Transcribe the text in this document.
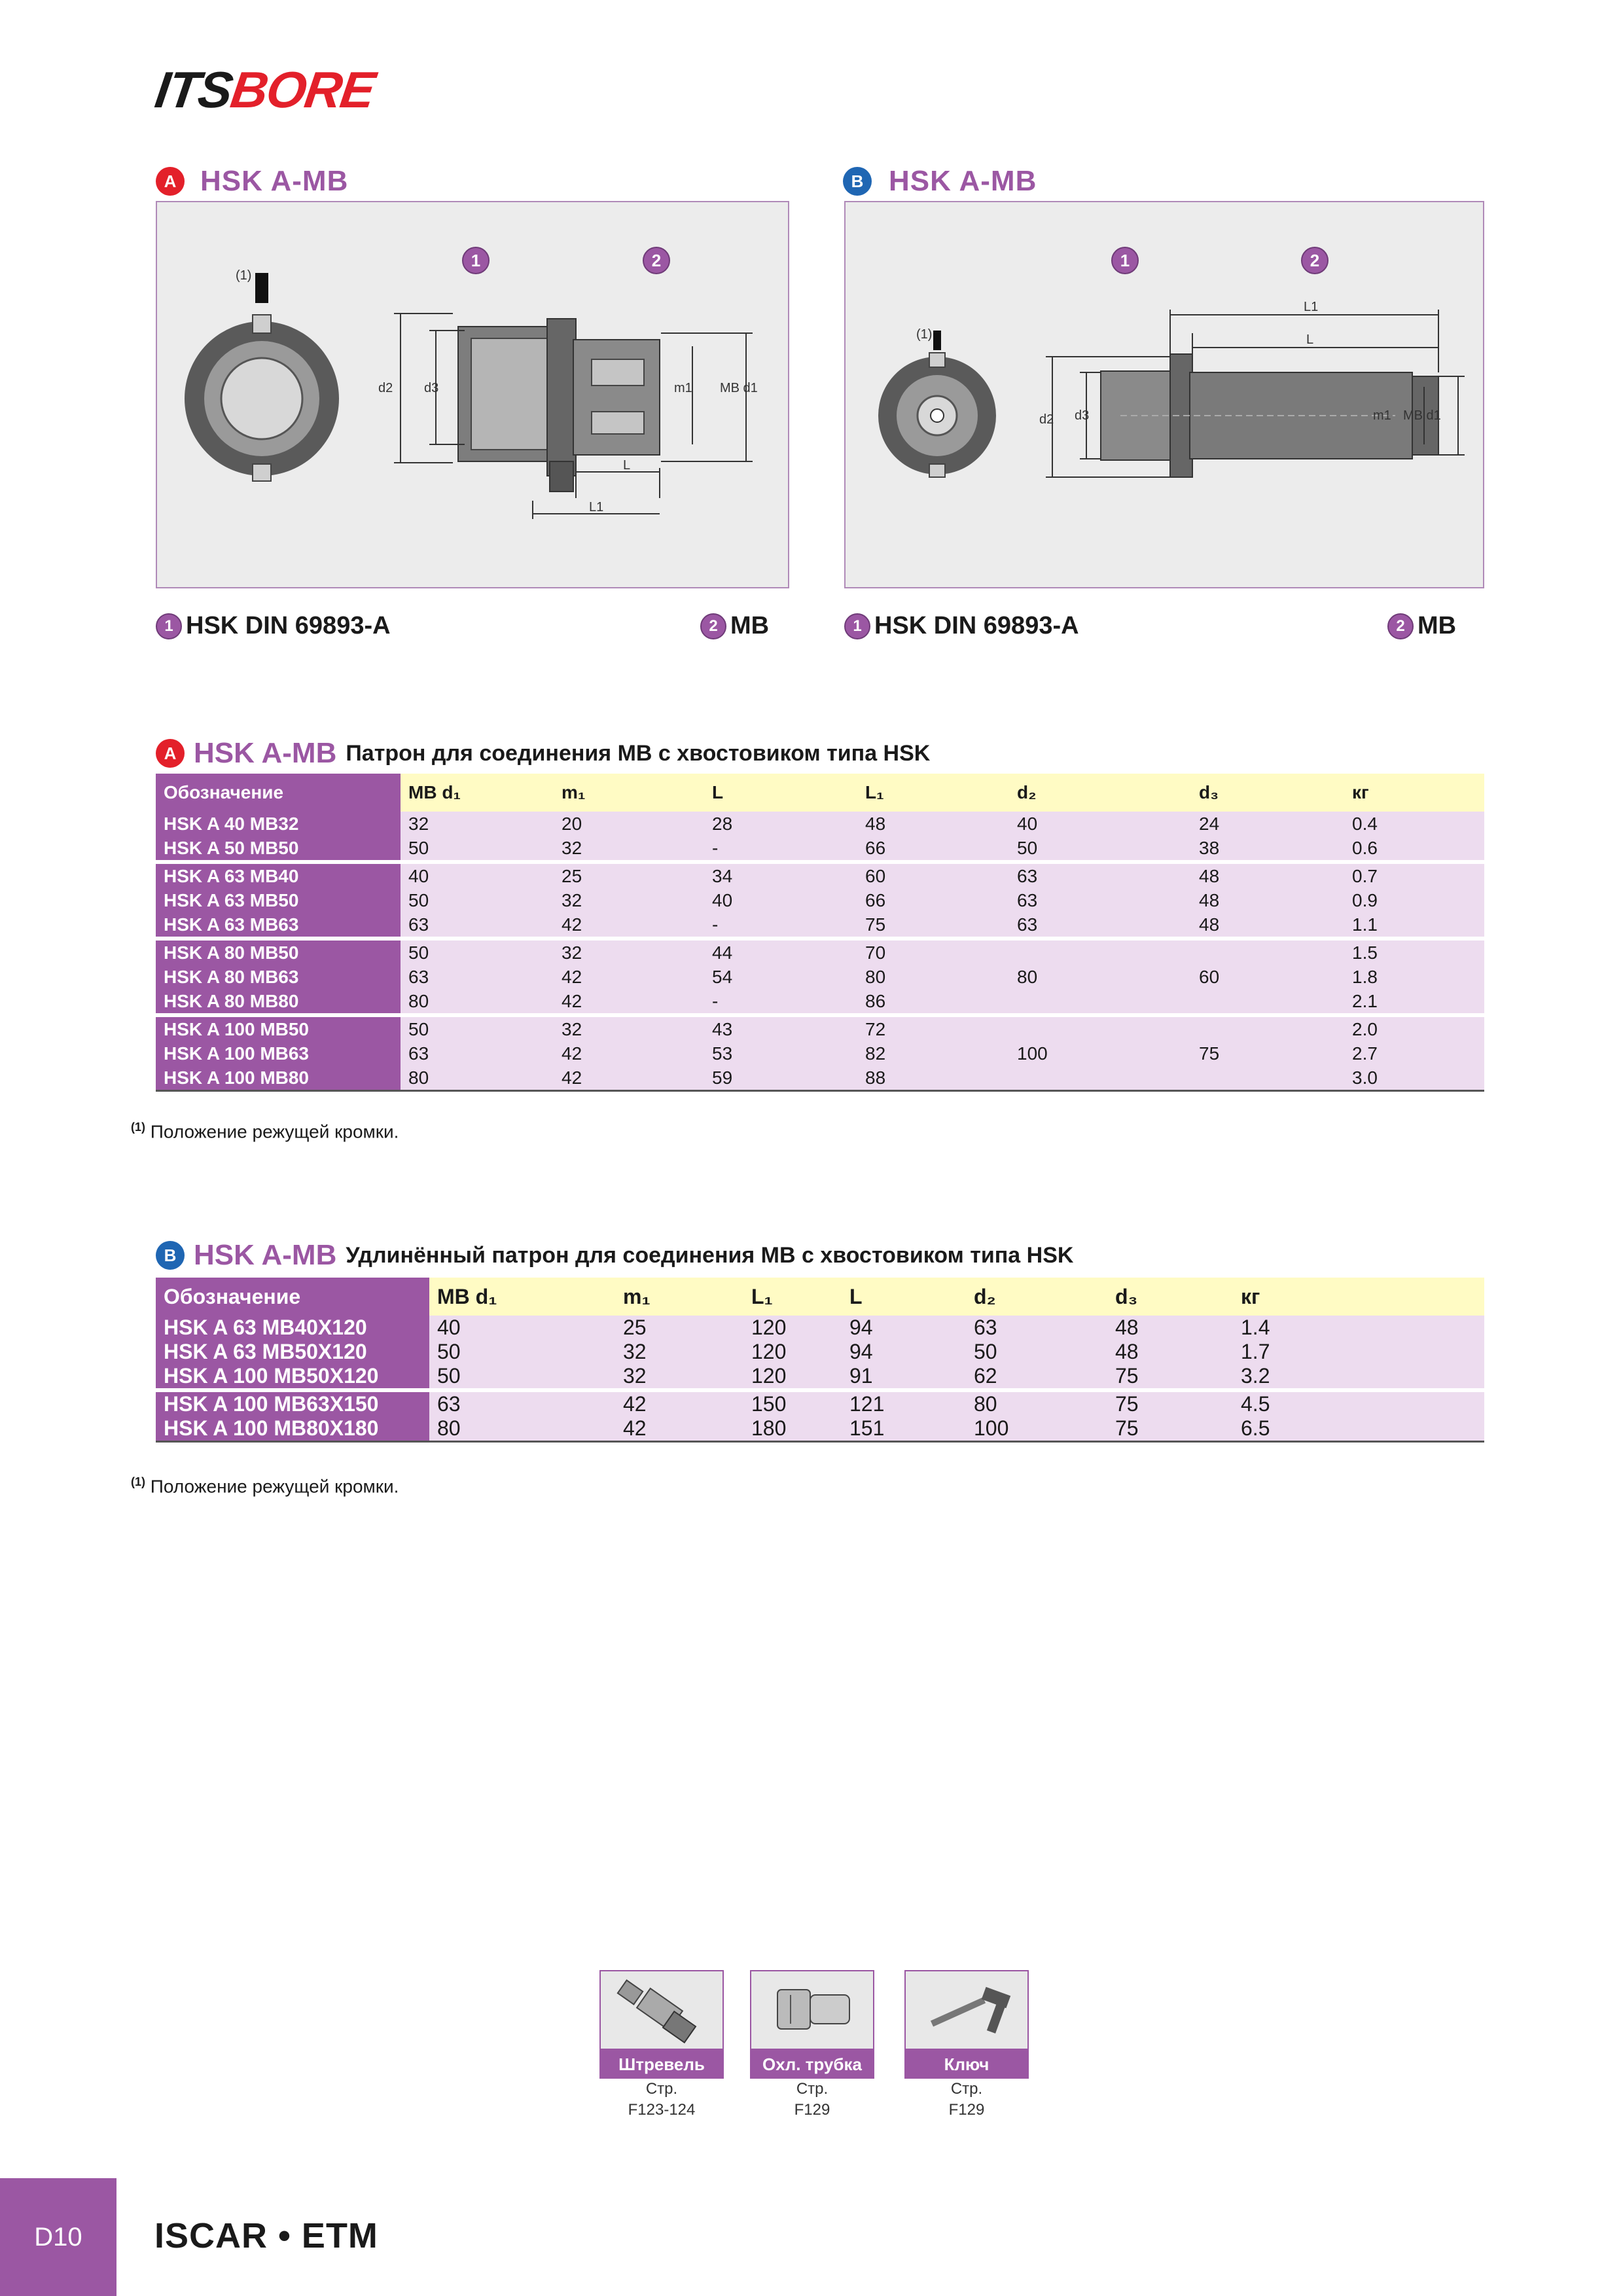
ITSBORE
A HSK A-MB	B HSK A-MB
1	2
(1)
d2 d3	m1 MB d1
L
L1
1	2
(1)
d2 d3	m1 MB d1
L1
L
1 HSK DIN 69893-A	2 MB	1 HSK DIN 69893-A	2 MB
A HSK A-MB Патрон для соединения MB с хвостовиком типа HSK
Обозначение	MB d₁	m₁	L	L₁	d₂	d₃	кг
HSK A 40 MB32	32	20	28	48	40	24	0.4
HSK A 50 MB50	50	32	-	66	50	38	0.6
HSK A 63 MB40	40	25	34	60	63	48	0.7
HSK A 63 MB50	50	32	40	66	63	48	0.9
HSK A 63 MB63	63	42	-	75	63	48	1.1
HSK A 80 MB50	50	32	44	70			1.5
HSK A 80 MB63	63	42	54	80	80	60	1.8
HSK A 80 MB80	80	42	-	86			2.1
HSK A 100 MB50	50	32	43	72			2.0
HSK A 100 MB63	63	42	53	82	100	75	2.7
HSK A 100 MB80	80	42	59	88			3.0
$^{(1)}$ Положение режущей кромки.
B HSK A-MB Удлинённый патрон для соединения MB с хвостовиком типа HSK
Обозначение	MB d₁	m₁	L₁	L	d₂	d₃	кг
HSK A 63 MB40X120	40	25	120	94	63	48	1.4
HSK A 63 MB50X120	50	32	120	94	50	48	1.7
HSK A 100 MB50X120	50	32	120	91	62	75	3.2
HSK A 100 MB63X150	63	42	150	121	80	75	4.5
HSK A 100 MB80X180	80	42	180	151	100	75	6.5
$^{(1)}$ Положение режущей кромки.
Штревель
Стр.
F123-124
Охл. трубка
Стр.
F129
Ключ
Стр.
F129
D10	ISCAR • ETM
